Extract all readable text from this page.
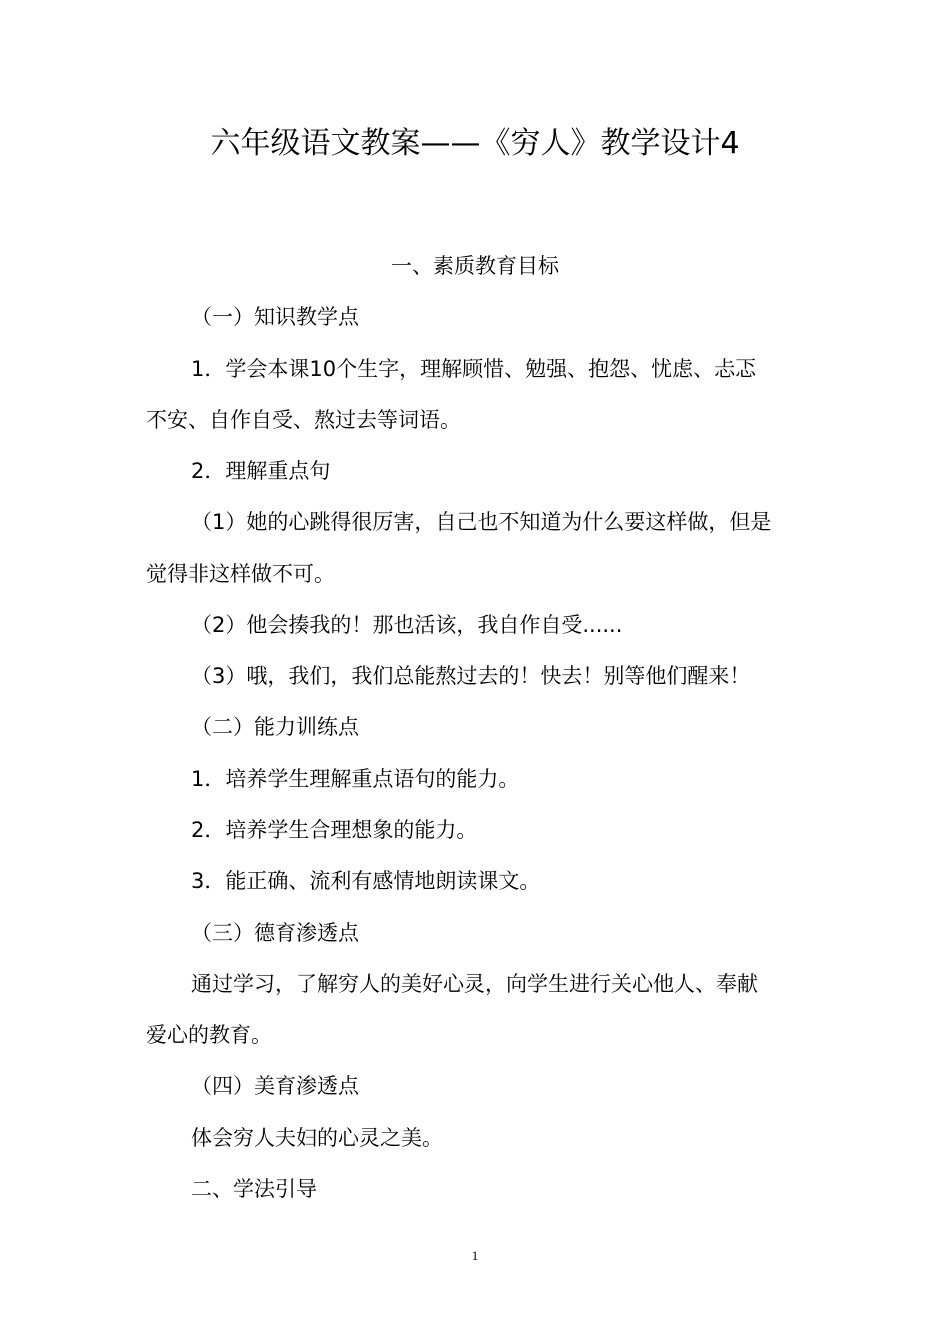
六年级语文教案——《穷人》教学设计4
一、素质教育目标
（一）知识教学点
1．学会本课10个生字，理解顾惜、勉强、抱怨、忧虑、忐忑
不安、自作自受、熬过去等词语。
2．理解重点句
（1）她的心跳得很厉害，自己也不知道为什么要这样做，但是
觉得非这样做不可。
（2）他会揍我的！那也活该，我自作自受......
（3）哦，我们，我们总能熬过去的！快去！别等他们醒来！
（二）能力训练点
1．培养学生理解重点语句的能力。
2．培养学生合理想象的能力。
3．能正确、流利有感情地朗读课文。
（三）德育渗透点
通过学习，了解穷人的美好心灵，向学生进行关心他人、奉献
爱心的教育。
（四）美育渗透点
体会穷人夫妇的心灵之美。
二、学法引导
1
